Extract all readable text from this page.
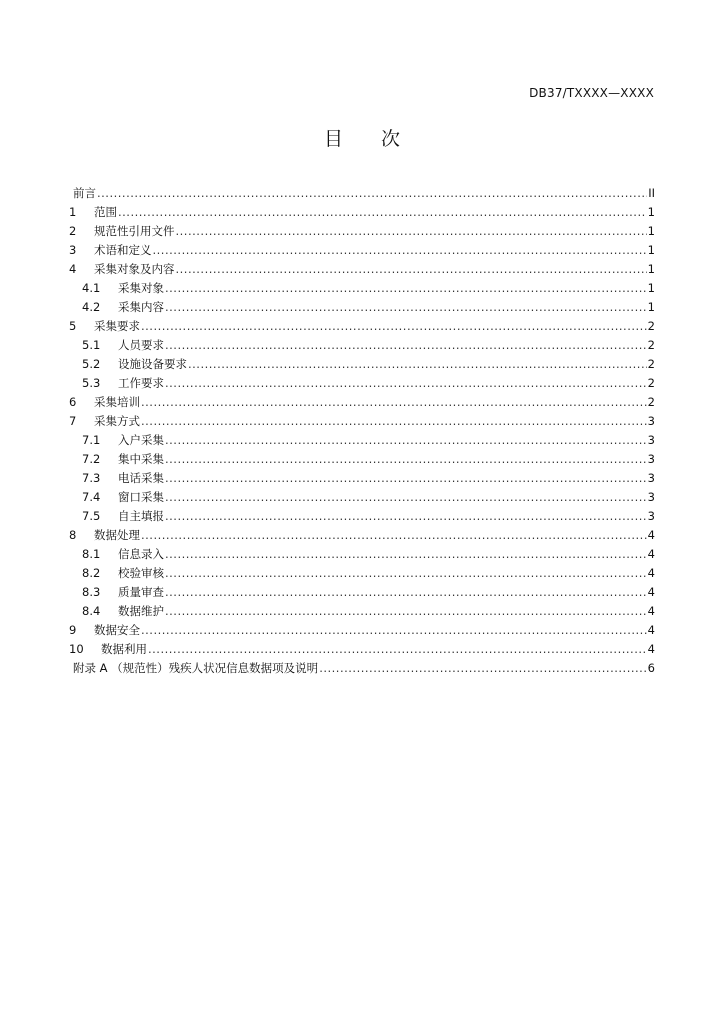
DB37/TXXXX—XXXX
目 次
前言 .....	II
1	范围 .....	1
2	规范性引用文件 .....	1
3	术语和定义 .....	1
4	采集对象及内容 .....	1
4.1	采集对象 .....	1
4.2	采集内容 .....	1
5	采集要求 .....	2
5.1	人员要求 .....	2
5.2	设施设备要求 .....	2
5.3	工作要求 .....	2
6	采集培训 .....	2
7	采集方式 .....	3
7.1	入户采集 .....	3
7.2	集中采集 .....	3
7.3	电话采集 .....	3
7.4	窗口采集 .....	3
7.5	自主填报 .....	3
8	数据处理 .....	4
8.1	信息录入 .....	4
8.2	校验审核 .....	4
8.3	质量审查 .....	4
8.4	数据维护 .....	4
9	数据安全 .....	4
10	数据利用 .....	4
附录 A （规范性）残疾人状况信息数据项及说明 .....	6
